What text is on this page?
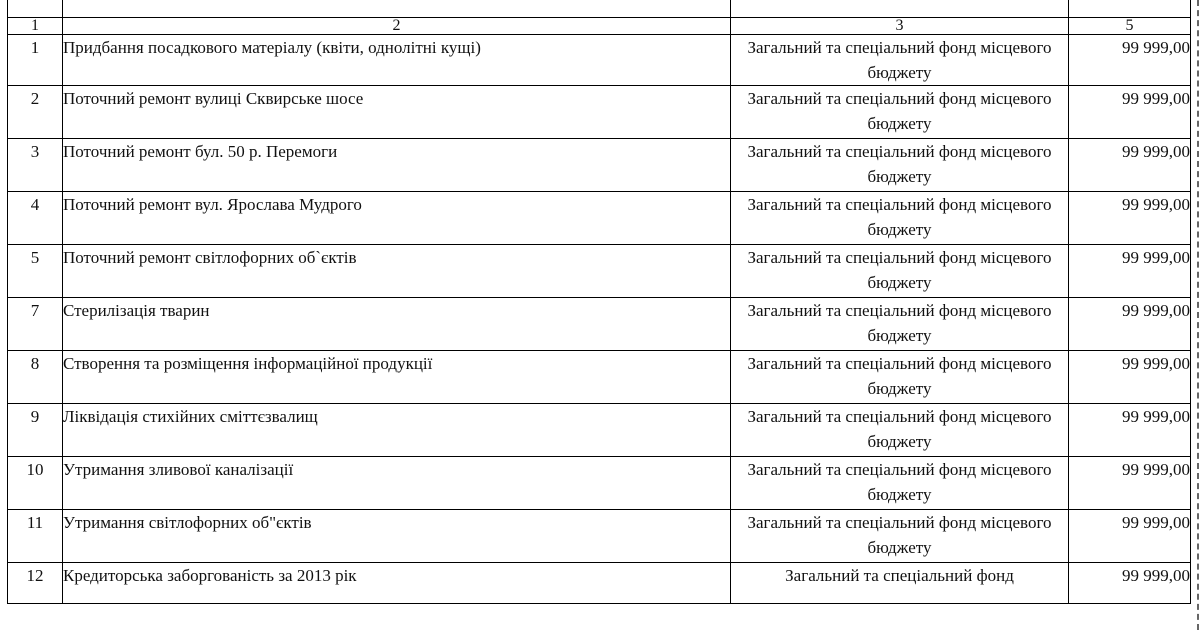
1	2	3	5
1	Придбання посадкового матеріалу (квіти, однолітні кущі)	Загальний та спеціальний фонд місцевого бюджету	99 999,00
2	Поточний ремонт вулиці Сквирське шосе	Загальний та спеціальний фонд місцевого бюджету	99 999,00
3	Поточний ремонт бул. 50 р. Перемоги	Загальний та спеціальний фонд місцевого бюджету	99 999,00
4	Поточний ремонт вул. Ярослава Мудрого	Загальний та спеціальний фонд місцевого бюджету	99 999,00
5	Поточний ремонт світлофорних об`єктів	Загальний та спеціальний фонд місцевого бюджету	99 999,00
7	Стерилізація тварин	Загальний та спеціальний фонд місцевого бюджету	99 999,00
8	Створення та розміщення інформаційної продукції	Загальний та спеціальний фонд місцевого бюджету	99 999,00
9	Ліквідація стихійних сміттєзвалищ	Загальний та спеціальний фонд місцевого бюджету	99 999,00
10	Утримання зливової каналізації	Загальний та спеціальний фонд місцевого бюджету	99 999,00
11	Утримання світлофорних об"єктів	Загальний та спеціальний фонд місцевого бюджету	99 999,00
12	Кредиторська заборгованість за 2013 рік	Загальний та спеціальний фонд	99 999,00
